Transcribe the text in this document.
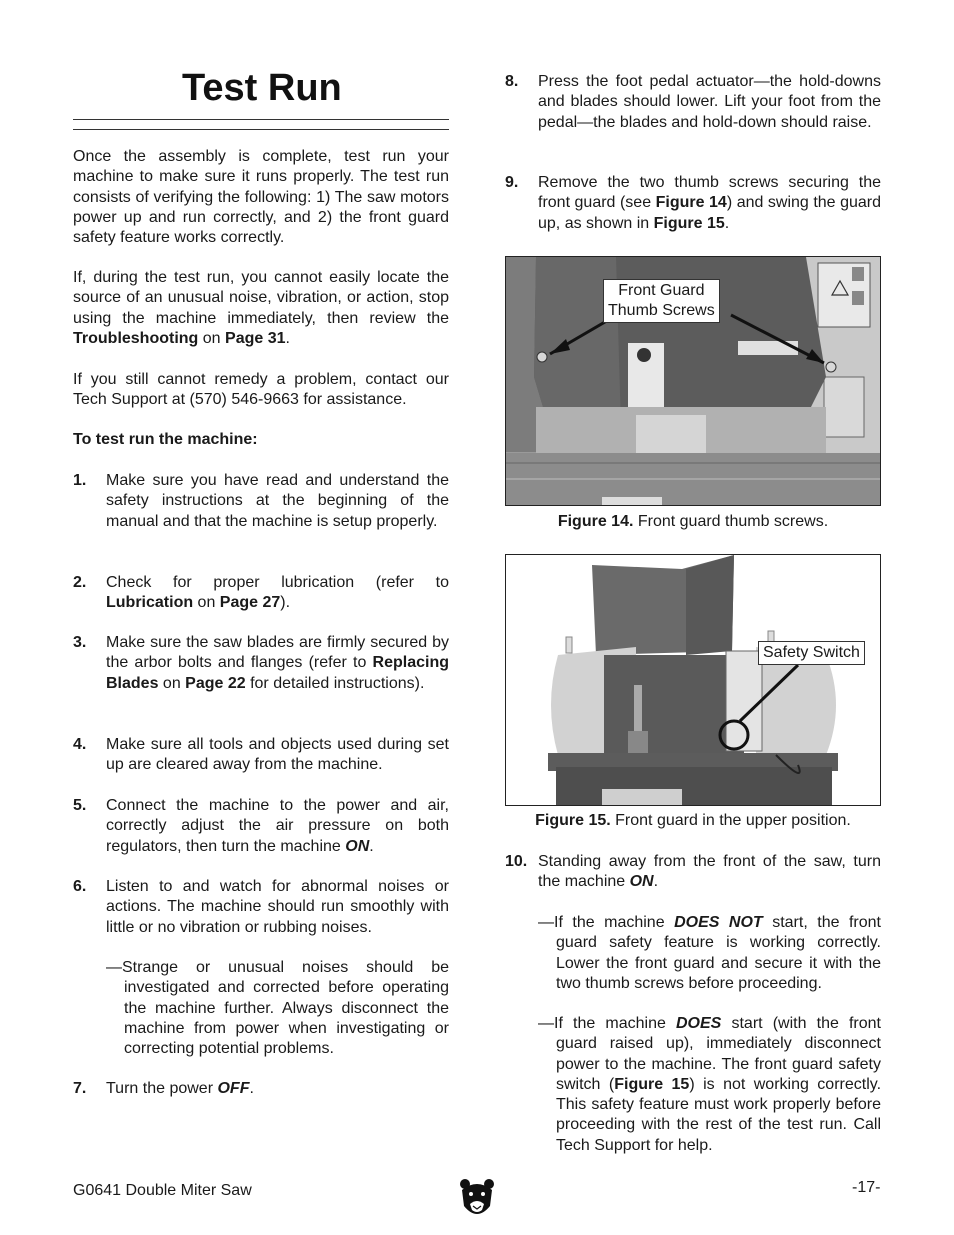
Test Run

Once the assembly is complete, test run your machine to make sure it runs properly. The test run consists of verifying the following: 1) The saw motors power up and run correctly, and 2) the front guard safety feature works correctly.

If, during the test run, you cannot easily locate the source of an unusual noise, vibration, or action, stop using the machine immediately, then review the Troubleshooting on Page 31.

If you still cannot remedy a problem, contact our Tech Support at (570) 546-9663 for assistance.

To test run the machine:

1. Make sure you have read and understand the safety instructions at the beginning of the manual and that the machine is setup properly.

2. Check for proper lubrication (refer to Lubrication on Page 27).

3. Make sure the saw blades are firmly secured by the arbor bolts and flanges (refer to Replacing Blades on Page 22 for detailed instructions).

4. Make sure all tools and objects used during set up are cleared away from the machine.

5. Connect the machine to the power and air, correctly adjust the air pressure on both regulators, then turn the machine ON.

6. Listen to and watch for abnormal noises or actions. The machine should run smoothly with little or no vibration or rubbing noises.

—Strange or unusual noises should be investigated and corrected before operating the machine further. Always disconnect the machine from power when investigating or correcting potential problems.

7. Turn the power OFF.

8. Press the foot pedal actuator—the hold-downs and blades should lower. Lift your foot from the pedal—the blades and hold-down should raise.

9. Remove the two thumb screws securing the front guard (see Figure 14) and swing the guard up, as shown in Figure 15.

Front Guard
Thumb Screws
Figure 14. Front guard thumb screws.
Safety Switch
Figure 15. Front guard in the upper position.
10. Standing away from the front of the saw, turn the machine ON.

—If the machine DOES NOT start, the front guard safety feature is working correctly. Lower the front guard and secure it with the two thumb screws before proceeding.

—If the machine DOES start (with the front guard raised up), immediately disconnect power to the machine. The front guard safety switch (Figure 15) is not working correctly. This safety feature must work properly before proceeding with the rest of the test run. Call Tech Support for help.

G0641 Double Miter Saw	-17-
